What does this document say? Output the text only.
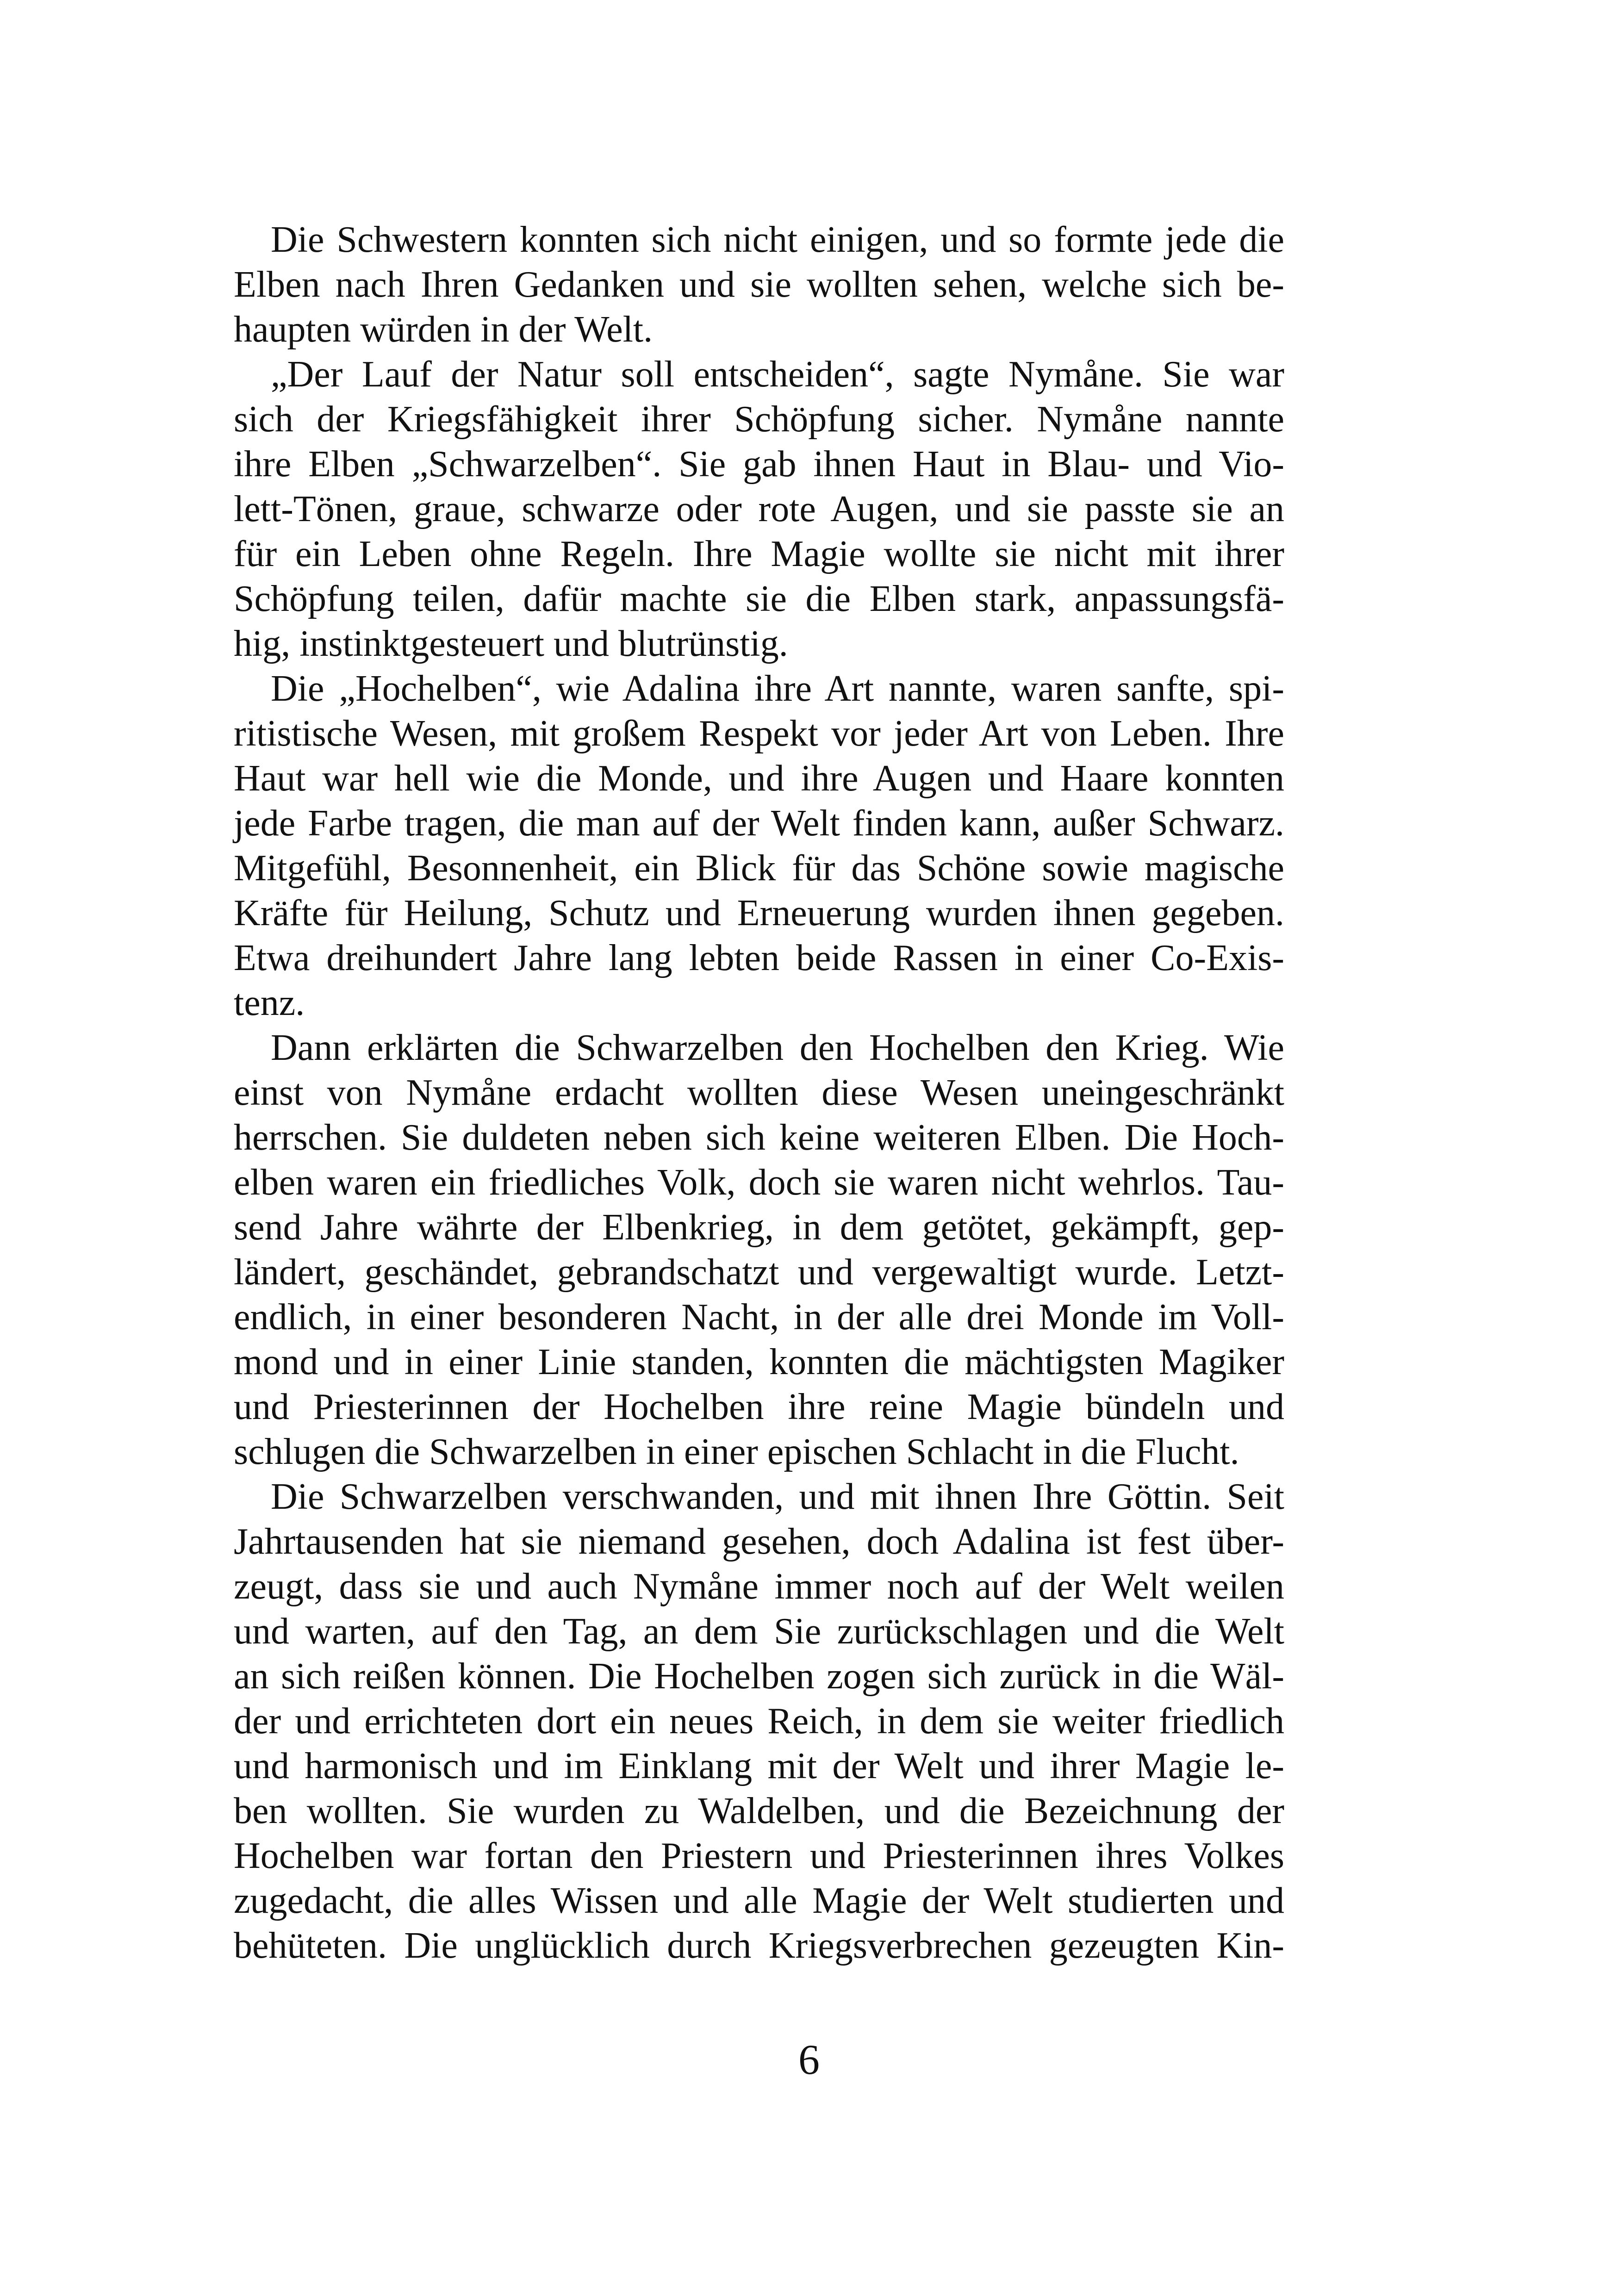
Die Schwestern konnten sich nicht einigen, und so formte jede die
Elben nach Ihren Gedanken und sie wollten sehen, welche sich be-
haupten würden in der Welt.
„Der Lauf der Natur soll entscheiden“, sagte Nymåne. Sie war
sich der Kriegsfähigkeit ihrer Schöpfung sicher. Nymåne nannte
ihre Elben „Schwarzelben“. Sie gab ihnen Haut in Blau- und Vio-
lett-Tönen, graue, schwarze oder rote Augen, und sie passte sie an
für ein Leben ohne Regeln. Ihre Magie wollte sie nicht mit ihrer
Schöpfung teilen, dafür machte sie die Elben stark, anpassungsfä-
hig, instinktgesteuert und blutrünstig.
Die „Hochelben“, wie Adalina ihre Art nannte, waren sanfte, spi-
ritistische Wesen, mit großem Respekt vor jeder Art von Leben. Ihre
Haut war hell wie die Monde, und ihre Augen und Haare konnten
jede Farbe tragen, die man auf der Welt finden kann, außer Schwarz.
Mitgefühl, Besonnenheit, ein Blick für das Schöne sowie magische
Kräfte für Heilung, Schutz und Erneuerung wurden ihnen gegeben.
Etwa dreihundert Jahre lang lebten beide Rassen in einer Co-Exis-
tenz.
Dann erklärten die Schwarzelben den Hochelben den Krieg. Wie
einst von Nymåne erdacht wollten diese Wesen uneingeschränkt
herrschen. Sie duldeten neben sich keine weiteren Elben. Die Hoch-
elben waren ein friedliches Volk, doch sie waren nicht wehrlos. Tau-
send Jahre währte der Elbenkrieg, in dem getötet, gekämpft, gep-
ländert, geschändet, gebrandschatzt und vergewaltigt wurde. Letzt-
endlich, in einer besonderen Nacht, in der alle drei Monde im Voll-
mond und in einer Linie standen, konnten die mächtigsten Magiker
und Priesterinnen der Hochelben ihre reine Magie bündeln und
schlugen die Schwarzelben in einer epischen Schlacht in die Flucht.
Die Schwarzelben verschwanden, und mit ihnen Ihre Göttin. Seit
Jahrtausenden hat sie niemand gesehen, doch Adalina ist fest über-
zeugt, dass sie und auch Nymåne immer noch auf der Welt weilen
und warten, auf den Tag, an dem Sie zurückschlagen und die Welt
an sich reißen können. Die Hochelben zogen sich zurück in die Wäl-
der und errichteten dort ein neues Reich, in dem sie weiter friedlich
und harmonisch und im Einklang mit der Welt und ihrer Magie le-
ben wollten. Sie wurden zu Waldelben, und die Bezeichnung der
Hochelben war fortan den Priestern und Priesterinnen ihres Volkes
zugedacht, die alles Wissen und alle Magie der Welt studierten und
behüteten. Die unglücklich durch Kriegsverbrechen gezeugten Kin-
6
